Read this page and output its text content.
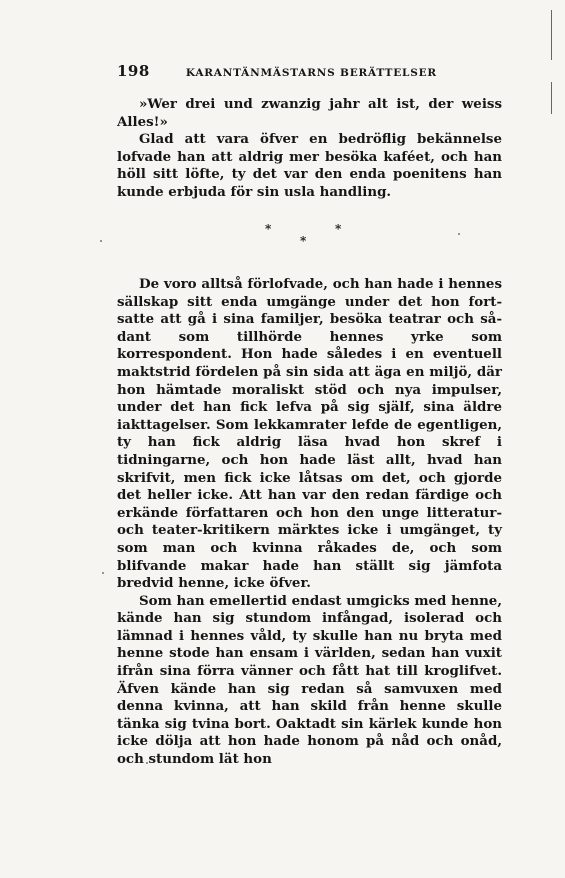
198	KARANTÄNMÄSTARNS BERÄTTELSER

»Wer drei und zwanzig jahr alt ist, der weiss Alles!»

Glad att vara öfver en bedröflig bekännelse lofvade han att aldrig mer besöka kaféet, och han höll sitt löfte, ty det var den enda poenitens han kunde erbjuda för sin usla handling.

*	*
*

De voro alltså förlofvade, och han hade i hennes sällskap sitt enda umgänge under det hon fortsatte att gå i sina familjer, besöka teatrar och sådant som tillhörde hennes yrke som korrespondent. Hon hade således i en eventuell maktstrid fördelen på sin sida att äga en miljö, där hon hämtade moraliskt stöd och nya impulser, under det han fick lefva på sig själf, sina äldre iakttagelser. Som lekkamrater lefde de egentligen, ty han fick aldrig läsa hvad hon skref i tidningarne, och hon hade läst allt, hvad han skrifvit, men fick icke låtsas om det, och gjorde det heller icke. Att han var den redan färdige och erkände författaren och hon den unge litteratur- och teater-kritikern märktes icke i umgänget, ty som man och kvinna råkades de, och som blifvande makar hade han ställt sig jämfota bredvid henne, icke öfver.

Som han emellertid endast umgicks med henne, kände han sig stundom infångad, isolerad och lämnad i hennes våld, ty skulle han nu bryta med henne stode han ensam i världen, sedan han vuxit ifrån sina förra vänner och fått hat till kroglifvet. Äfven kände han sig redan så samvuxen med denna kvinna, att han skild från henne skulle tänka sig tvina bort. Oaktadt sin kärlek kunde hon icke dölja att hon hade honom på nåd och onåd, och stundom lät hon
